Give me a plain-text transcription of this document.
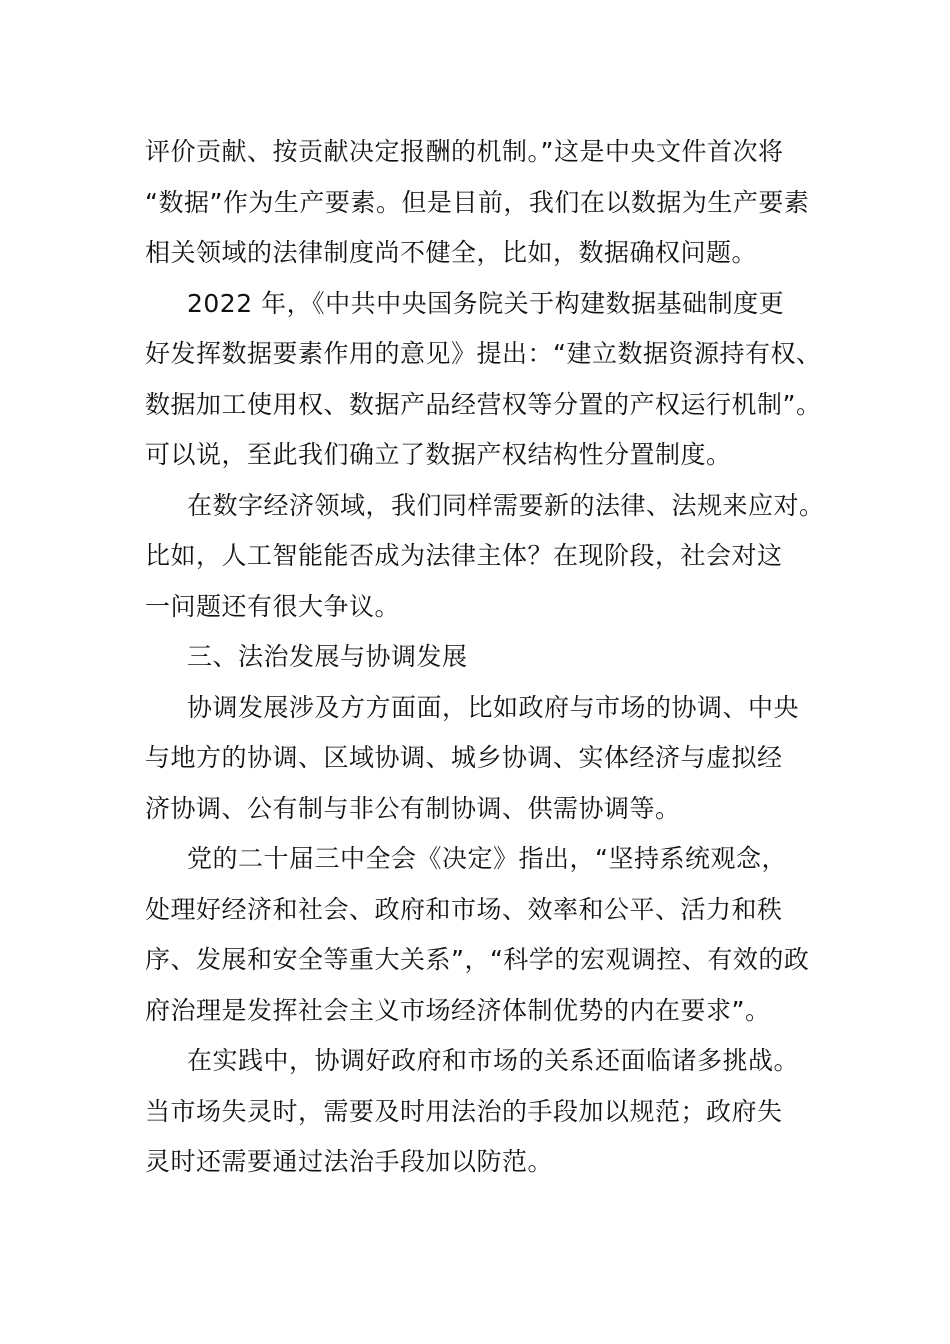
评价贡献、按贡献决定报酬的机制。”这是中央文件首次将
“数据”作为生产要素。但是目前，我们在以数据为生产要素
相关领域的法律制度尚不健全，比如，数据确权问题。
2022 年，《中共中央国务院关于构建数据基础制度更
好发挥数据要素作用的意见》提出：“建立数据资源持有权、
数据加工使用权、数据产品经营权等分置的产权运行机制”。
可以说，至此我们确立了数据产权结构性分置制度。
在数字经济领域，我们同样需要新的法律、法规来应对。
比如，人工智能能否成为法律主体？在现阶段，社会对这
一问题还有很大争议。
三、法治发展与协调发展
协调发展涉及方方面面，比如政府与市场的协调、中央
与地方的协调、区域协调、城乡协调、实体经济与虚拟经
济协调、公有制与非公有制协调、供需协调等。
党的二十届三中全会《决定》指出，“坚持系统观念，
处理好经济和社会、政府和市场、效率和公平、活力和秩
序、发展和安全等重大关系”，“科学的宏观调控、有效的政
府治理是发挥社会主义市场经济体制优势的内在要求”。
在实践中，协调好政府和市场的关系还面临诸多挑战。
当市场失灵时，需要及时用法治的手段加以规范；政府失
灵时还需要通过法治手段加以防范。
